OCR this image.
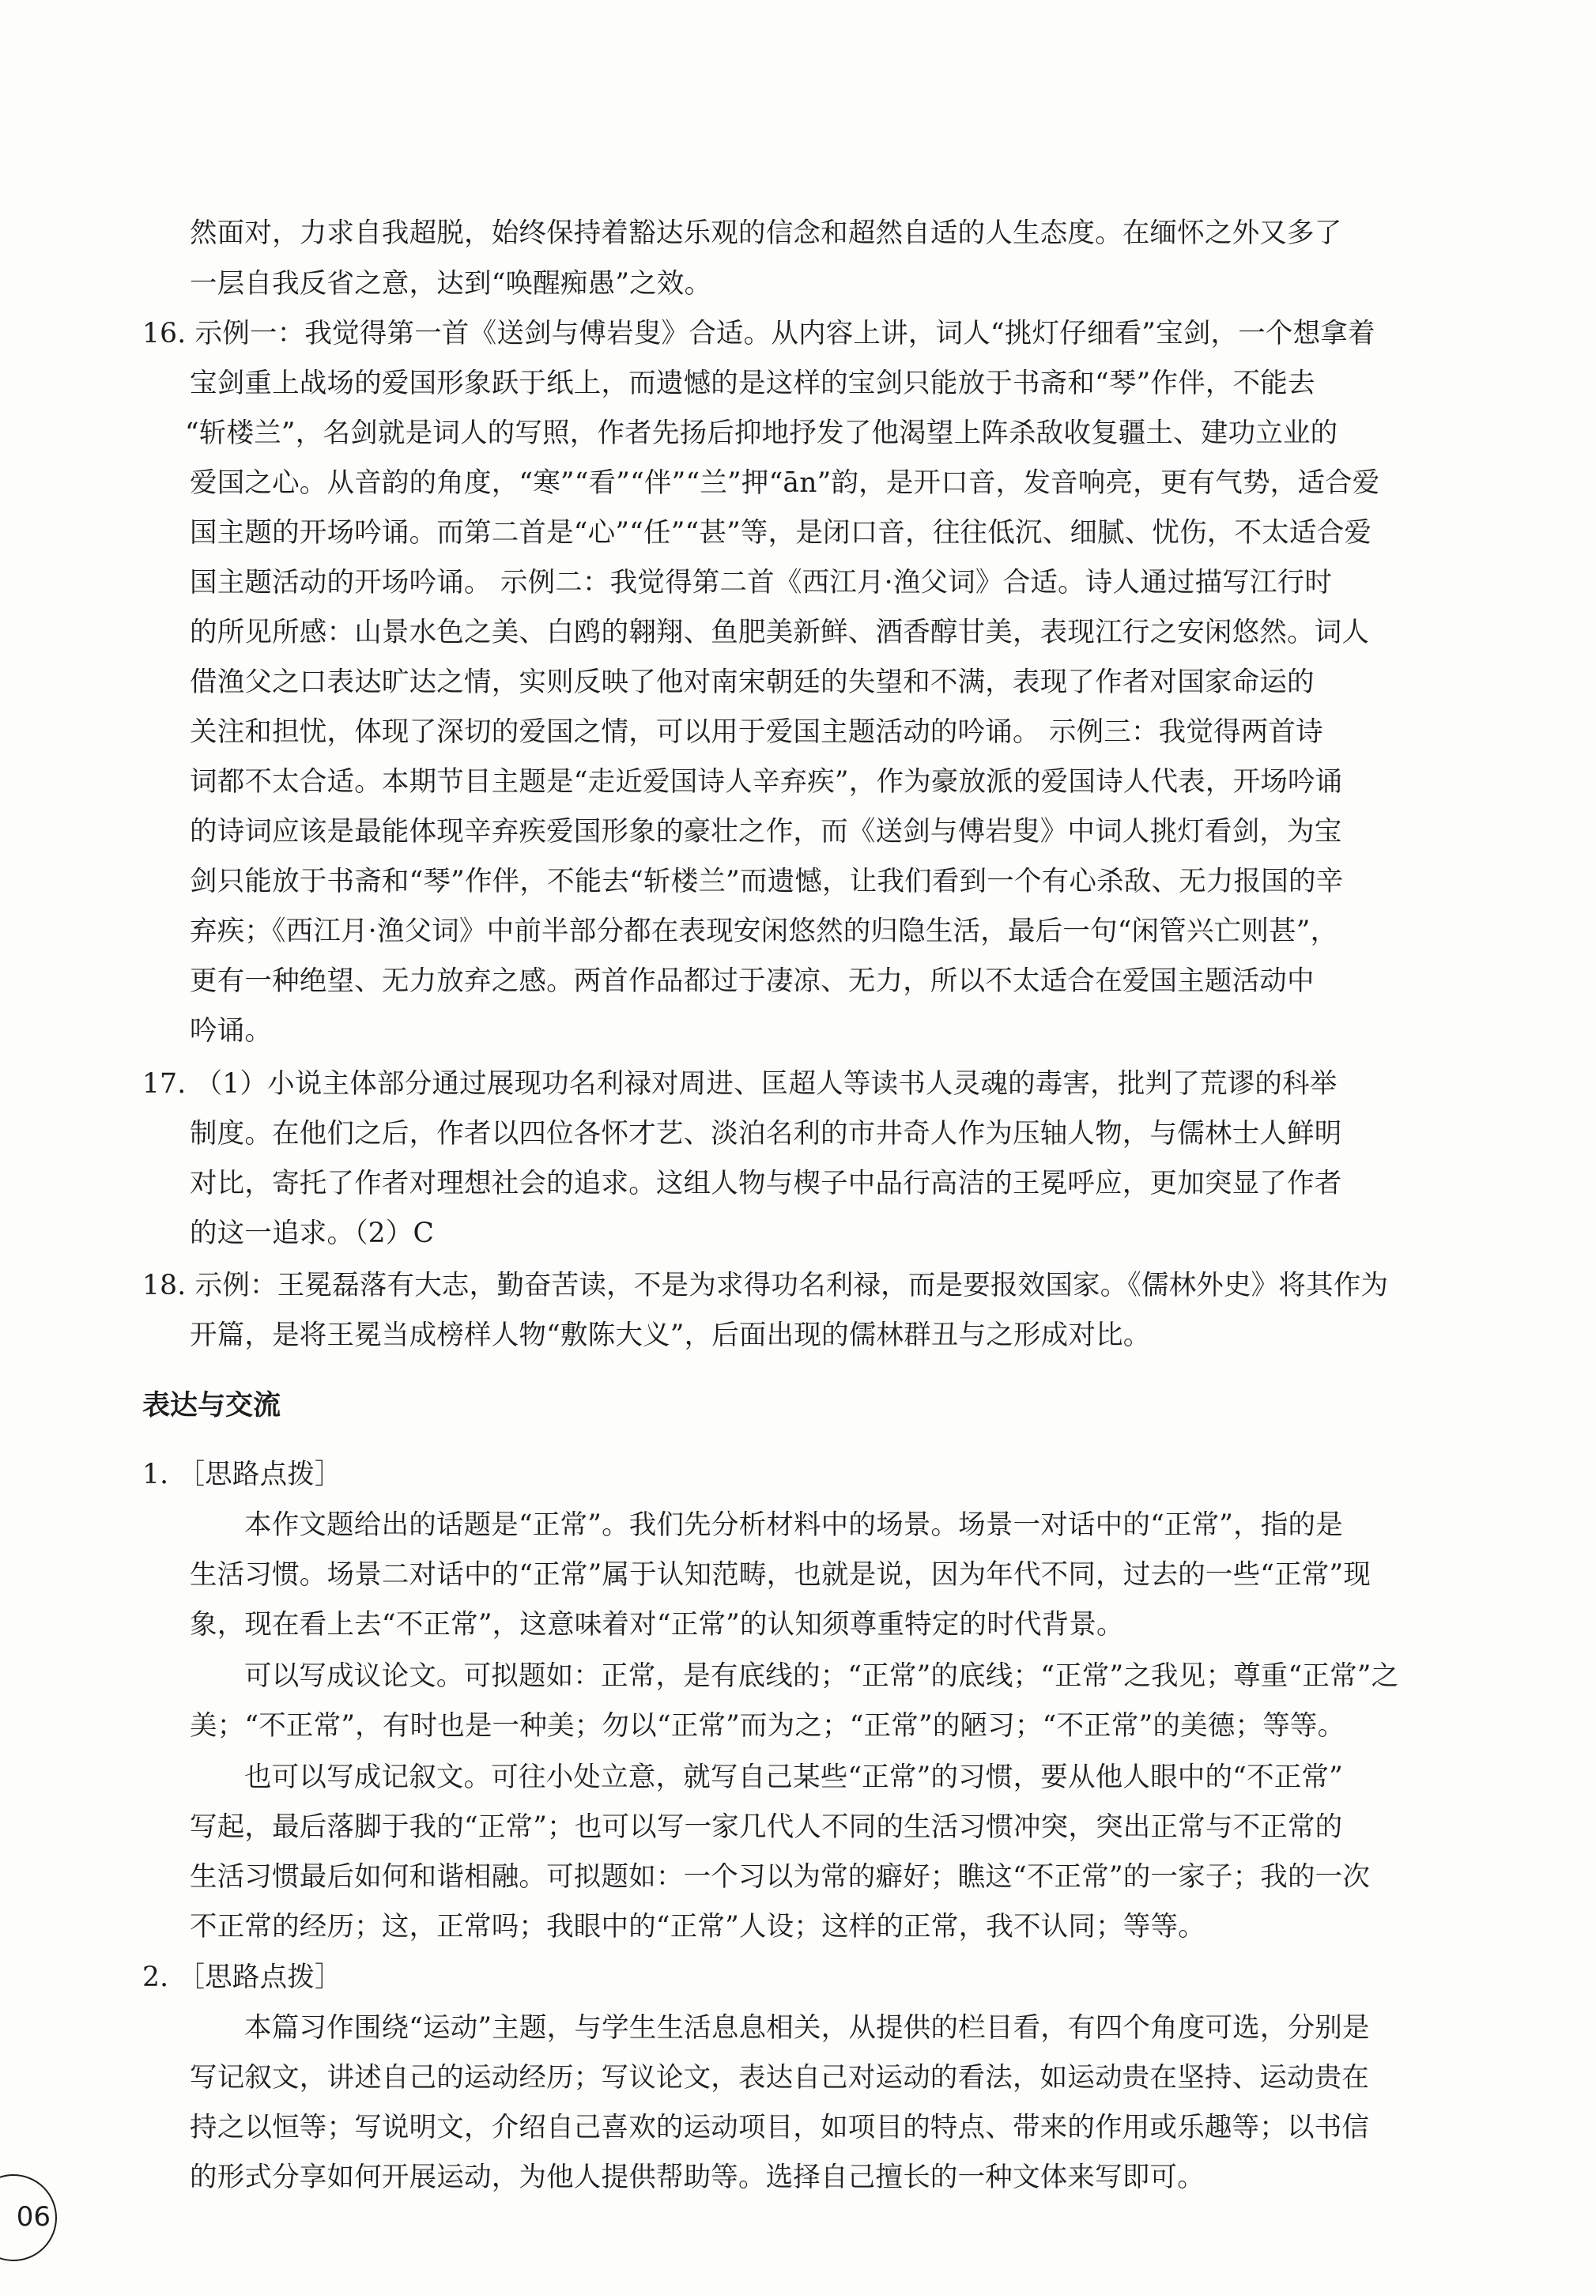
然面对，力求自我超脱，始终保持着豁达乐观的信念和超然自适的人生态度。在缅怀之外又多了
一层自我反省之意，达到“唤醒痴愚”之效。
16. 示例一：我觉得第一首《送剑与傅岩叟》合适。从内容上讲，词人“挑灯仔细看”宝剑，一个想拿着
宝剑重上战场的爱国形象跃于纸上，而遗憾的是这样的宝剑只能放于书斋和“琴”作伴，不能去
“斩楼兰”，名剑就是词人的写照，作者先扬后抑地抒发了他渴望上阵杀敌收复疆土、建功立业的
爱国之心。从音韵的角度，“寒”“看”“伴”“兰”押“ān”韵，是开口音，发音响亮，更有气势，适合爱
国主题的开场吟诵。而第二首是“心”“任”“甚”等，是闭口音，往往低沉、细腻、忧伤，不太适合爱
国主题活动的开场吟诵。 示例二：我觉得第二首《西江月·渔父词》合适。诗人通过描写江行时
的所见所感：山景水色之美、白鸥的翱翔、鱼肥美新鲜、酒香醇甘美，表现江行之安闲悠然。词人
借渔父之口表达旷达之情，实则反映了他对南宋朝廷的失望和不满，表现了作者对国家命运的
关注和担忧，体现了深切的爱国之情，可以用于爱国主题活动的吟诵。 示例三：我觉得两首诗
词都不太合适。本期节目主题是“走近爱国诗人辛弃疾”，作为豪放派的爱国诗人代表，开场吟诵
的诗词应该是最能体现辛弃疾爱国形象的豪壮之作，而《送剑与傅岩叟》中词人挑灯看剑，为宝
剑只能放于书斋和“琴”作伴，不能去“斩楼兰”而遗憾，让我们看到一个有心杀敌、无力报国的辛
弃疾；《西江月·渔父词》中前半部分都在表现安闲悠然的归隐生活，最后一句“闲管兴亡则甚”，
更有一种绝望、无力放弃之感。两首作品都过于凄凉、无力，所以不太适合在爱国主题活动中
吟诵。
17. （1）小说主体部分通过展现功名利禄对周进、匡超人等读书人灵魂的毒害，批判了荒谬的科举
制度。在他们之后，作者以四位各怀才艺、淡泊名利的市井奇人作为压轴人物，与儒林士人鲜明
对比，寄托了作者对理想社会的追求。这组人物与楔子中品行高洁的王冕呼应，更加突显了作者
的这一追求。（2）C
18. 示例：王冕磊落有大志，勤奋苦读，不是为求得功名利禄，而是要报效国家。《儒林外史》将其作为
开篇，是将王冕当成榜样人物“敷陈大义”，后面出现的儒林群丑与之形成对比。
表达与交流
1. ［思路点拨］
本作文题给出的话题是“正常”。我们先分析材料中的场景。场景一对话中的“正常”，指的是
生活习惯。场景二对话中的“正常”属于认知范畴，也就是说，因为年代不同，过去的一些“正常”现
象，现在看上去“不正常”，这意味着对“正常”的认知须尊重特定的时代背景。
可以写成议论文。可拟题如：正常，是有底线的；“正常”的底线；“正常”之我见；尊重“正常”之
美；“不正常”，有时也是一种美；勿以“正常”而为之；“正常”的陋习；“不正常”的美德；等等。
也可以写成记叙文。可往小处立意，就写自己某些“正常”的习惯，要从他人眼中的“不正常”
写起，最后落脚于我的“正常”；也可以写一家几代人不同的生活习惯冲突，突出正常与不正常的
生活习惯最后如何和谐相融。可拟题如：一个习以为常的癖好；瞧这“不正常”的一家子；我的一次
不正常的经历；这，正常吗；我眼中的“正常”人设；这样的正常，我不认同；等等。
2. ［思路点拨］
本篇习作围绕“运动”主题，与学生生活息息相关，从提供的栏目看，有四个角度可选，分别是
写记叙文，讲述自己的运动经历；写议论文，表达自己对运动的看法，如运动贵在坚持、运动贵在
持之以恒等；写说明文，介绍自己喜欢的运动项目，如项目的特点、带来的作用或乐趣等；以书信
的形式分享如何开展运动，为他人提供帮助等。选择自己擅长的一种文体来写即可。
06
